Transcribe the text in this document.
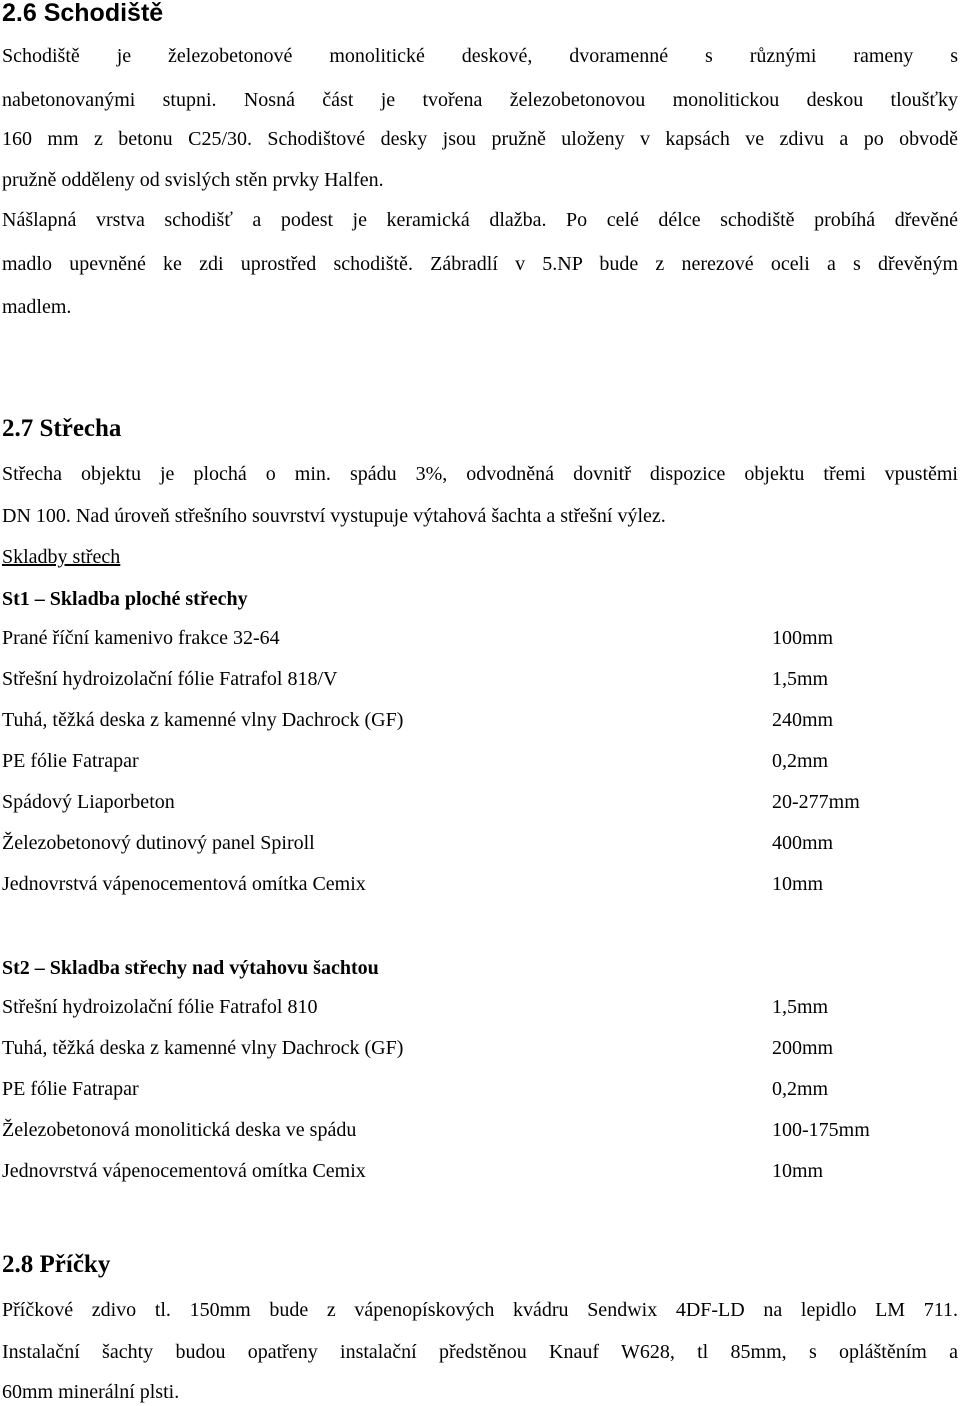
2.6 Schodiště
Schodiště je železobetonové monolitické deskové, dvoramenné s různými rameny s
nabetonovanými stupni. Nosná část je tvořena železobetonovou monolitickou deskou tloušťky
160 mm z betonu C25/30. Schodištové desky jsou pružně uloženy v kapsách ve zdivu a po obvodě
pružně odděleny od svislých stěn prvky Halfen.
Nášlapná vrstva schodišť a podest je keramická dlažba. Po celé délce schodiště probíhá dřevěné
madlo upevněné ke zdi uprostřed schodiště. Zábradlí v 5.NP bude z nerezové oceli a s dřevěným
madlem.
2.7 Střecha
Střecha objektu je plochá o min. spádu 3%, odvodněná dovnitř dispozice objektu třemi vpustěmi
DN 100. Nad úroveň střešního souvrství vystupuje výtahová šachta a střešní výlez.
Skladby střech
St1 – Skladba ploché střechy
Prané říční kamenivo frakce 32-64	100mm
Střešní hydroizolační fólie Fatrafol 818/V	1,5mm
Tuhá, těžká deska z kamenné vlny Dachrock (GF)	240mm
PE fólie Fatrapar	0,2mm
Spádový Liaporbeton	20-277mm
Železobetonový dutinový panel Spiroll	400mm
Jednovrstvá vápenocementová omítka Cemix	10mm
St2 – Skladba střechy nad výtahovu šachtou
Střešní hydroizolační fólie Fatrafol 810	1,5mm
Tuhá, těžká deska z kamenné vlny Dachrock (GF)	200mm
PE fólie Fatrapar	0,2mm
Železobetonová monolitická deska ve spádu	100-175mm
Jednovrstvá vápenocementová omítka Cemix	10mm
2.8 Příčky
Příčkové zdivo tl. 150mm bude z vápenopískových kvádru Sendwix 4DF-LD na lepidlo LM 711.
Instalační šachty budou opatřeny instalační předstěnou Knauf W628, tl 85mm, s opláštěním a
60mm minerální plsti.
